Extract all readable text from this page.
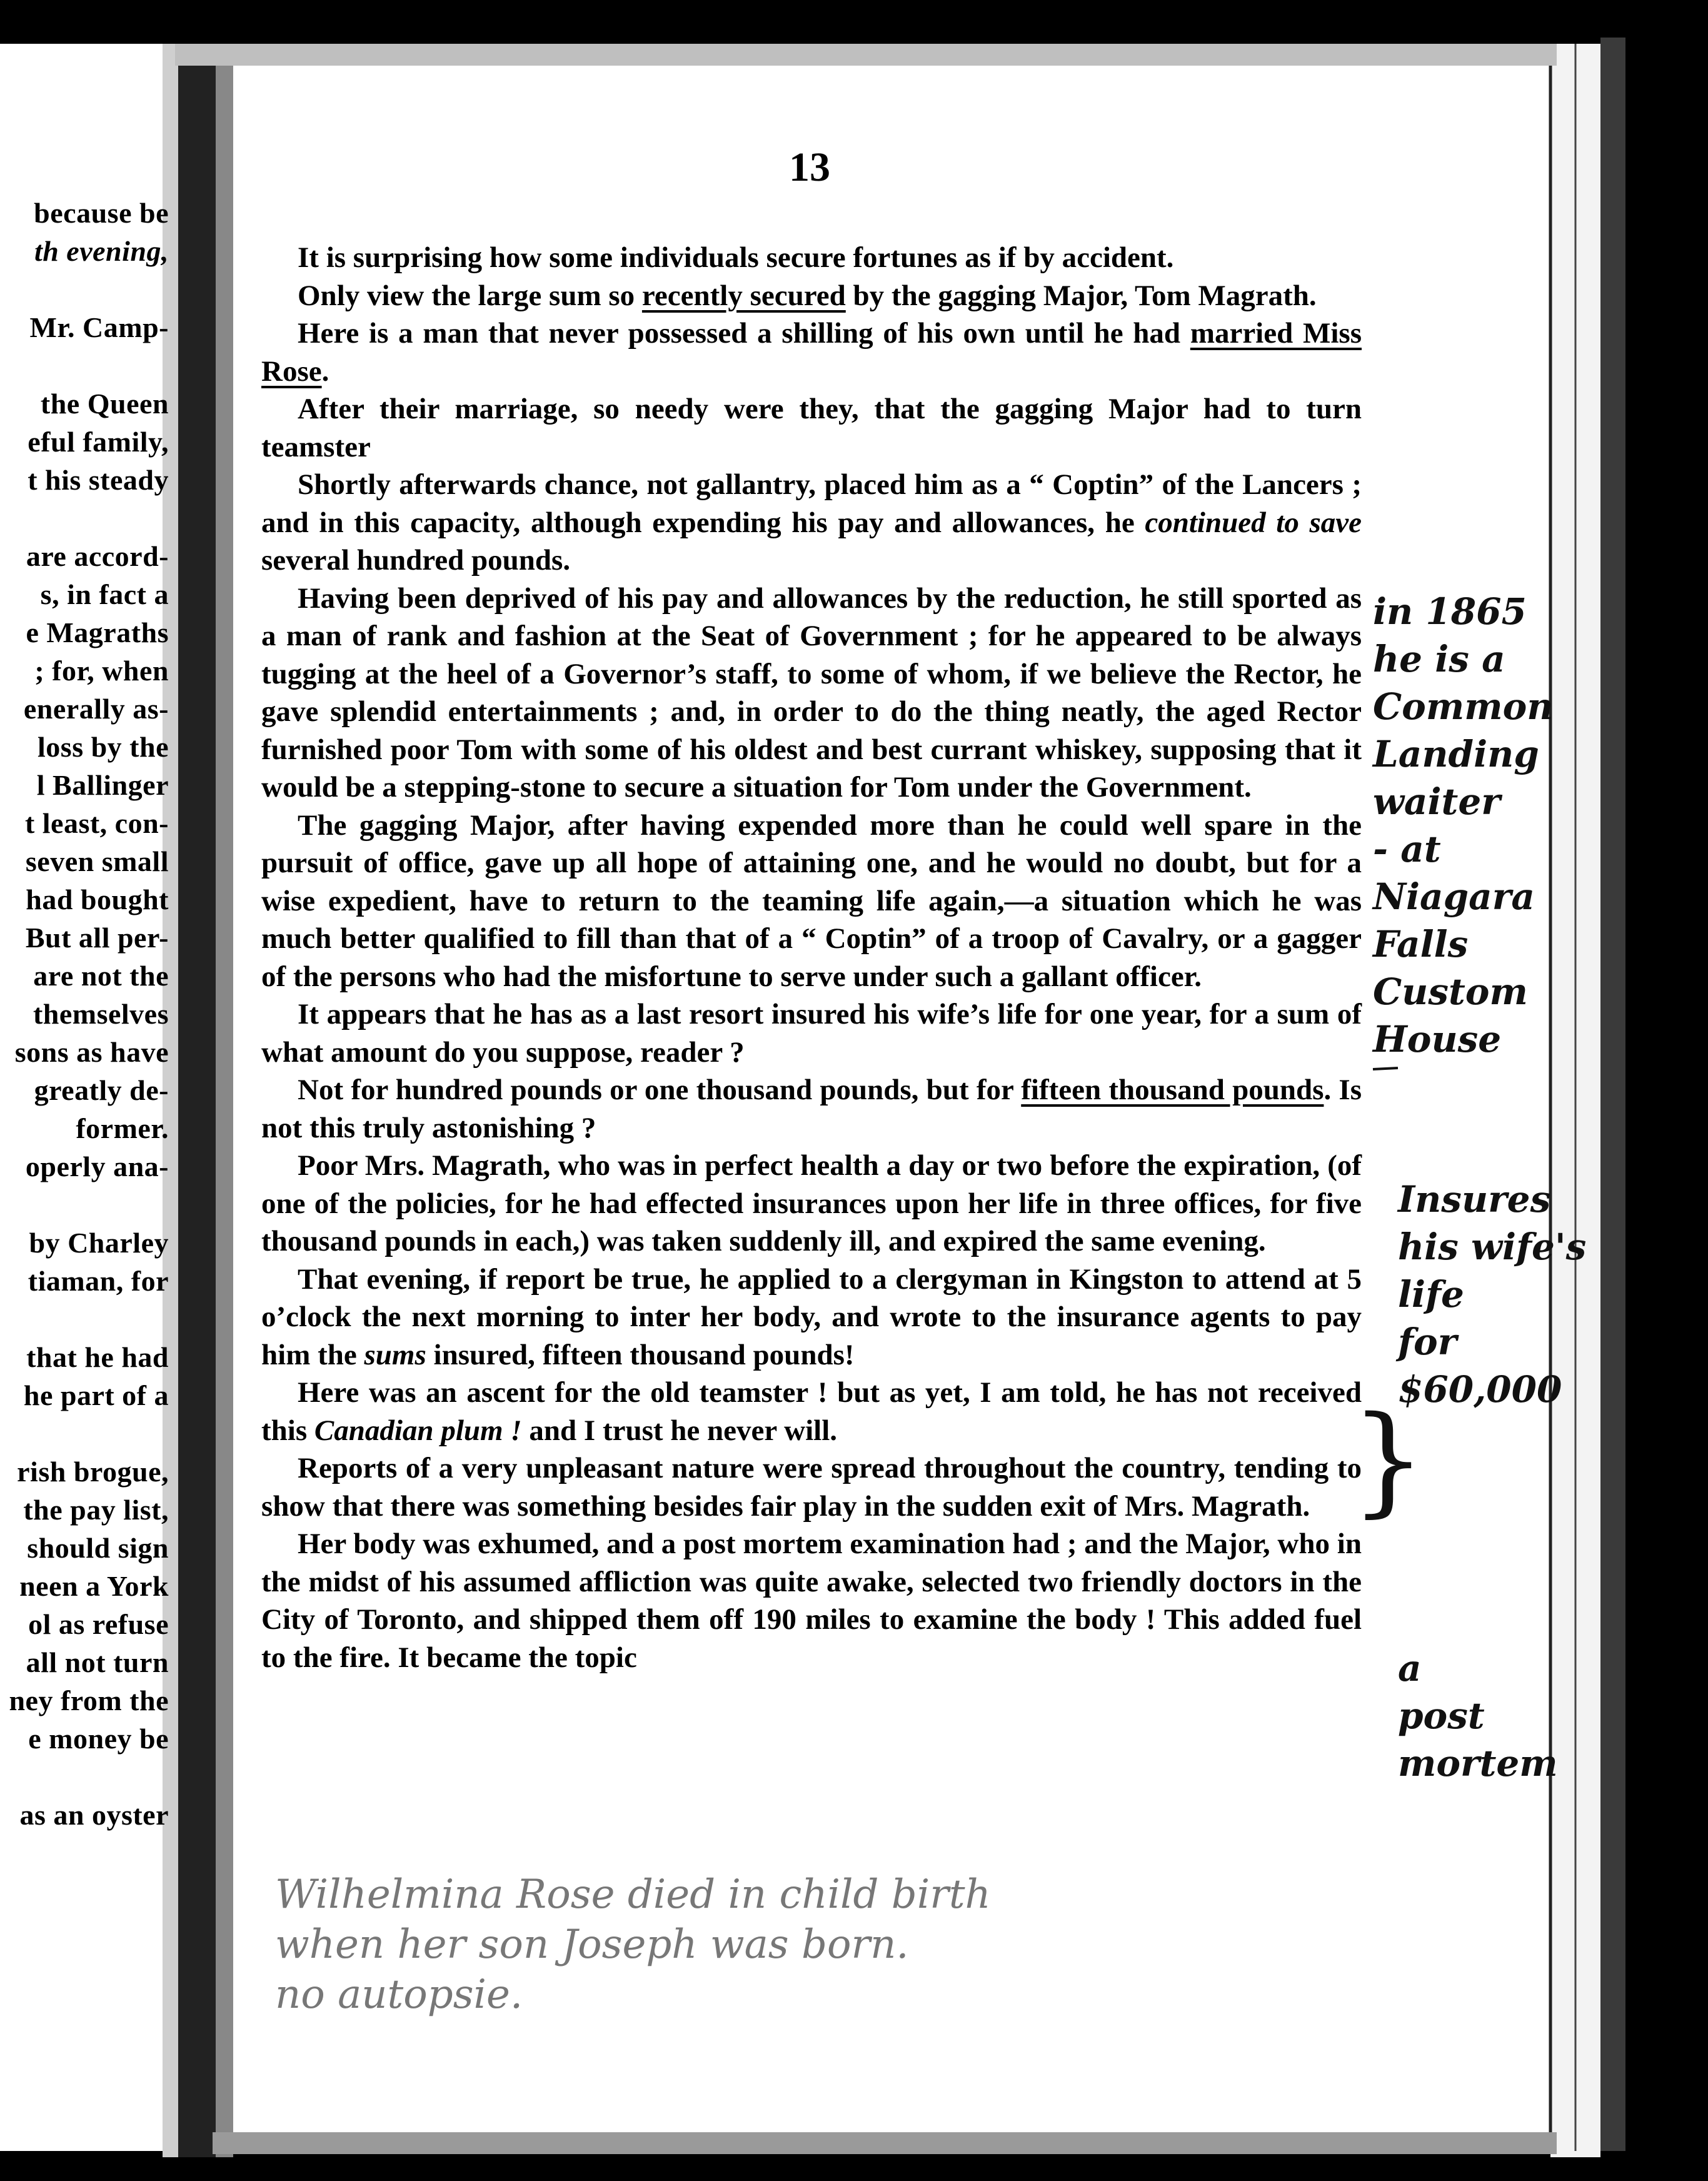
because be
th evening,
Mr. Camp-
the Queen
eful family,
t his steady
are accord-
s, in fact a
e Magraths
; for, when
enerally as-
loss by the
l Ballinger
t least, con-
seven small
had bought
But all per-
are not the
themselves
sons as have
greatly de-
former.
operly ana-
by Charley
tiaman, for
that he had
he part of a
rish brogue,
the pay list,
should sign
neen a York
ol as refuse
all not turn
ney from the
e money be
as an oyster
13

It is surprising how some individuals secure fortunes as if by accident.

Only view the large sum so recently secured by the gagging Major, Tom Magrath.

Here is a man that never possessed a shilling of his own until he had married Miss Rose.

After their marriage, so needy were they, that the gagging Major had to turn teamster

Shortly afterwards chance, not gallantry, placed him as a “ Coptin” of the Lancers ; and in this capacity, although expending his pay and allowances, he continued to save several hundred pounds.

Having been deprived of his pay and allowances by the reduction, he still sported as a man of rank and fashion at the Seat of Government ; for he appeared to be always tugging at the heel of a Governor’s staff, to some of whom, if we believe the Rector, he gave splendid entertainments ; and, in order to do the thing neatly, the aged Rector furnished poor Tom with some of his oldest and best currant whiskey, supposing that it would be a stepping-stone to secure a situation for Tom under the Government.

The gagging Major, after having expended more than he could well spare in the pursuit of office, gave up all hope of attaining one, and he would no doubt, but for a wise expedient, have to return to the teaming life again,—a situation which he was much better qualified to fill than that of a “ Coptin” of a troop of Cavalry, or a gagger of the persons who had the misfortune to serve under such a gallant officer.

It appears that he has as a last resort insured his wife’s life for one year, for a sum of what amount do you suppose, reader ?

Not for hundred pounds or one thousand pounds, but for fifteen thousand pounds. Is not this truly astonishing ?

Poor Mrs. Magrath, who was in perfect health a day or two before the expiration, (of one of the policies, for he had effected insurances upon her life in three offices, for five thousand pounds in each,) was taken suddenly ill, and expired the same evening.

That evening, if report be true, he applied to a clergyman in Kingston to attend at 5 o’clock the next morning to inter her body, and wrote to the insurance agents to pay him the sums insured, fifteen thousand pounds!

Here was an ascent for the old teamster ! but as yet, I am told, he has not received this Canadian plum ! and I trust he never will.

Reports of a very unpleasant nature were spread throughout the country, tending to show that there was something besides fair play in the sudden exit of Mrs. Magrath.

Her body was exhumed, and a post mortem examination had ; and the Major, who in the midst of his assumed affliction was quite awake, selected two friendly doctors in the City of Toronto, and shipped them off 190 miles to examine the body ! This added fuel to the fire. It became the topic

in 1865
he is a
Common
Landing
waiter
- at
Niagara
Falls
Custom
House
Insures
his wife's
life
for
$60,000
a
post
mortem
}
Wilhelmina Rose died in child birth
when her son Joseph was born.
no autopsie.
